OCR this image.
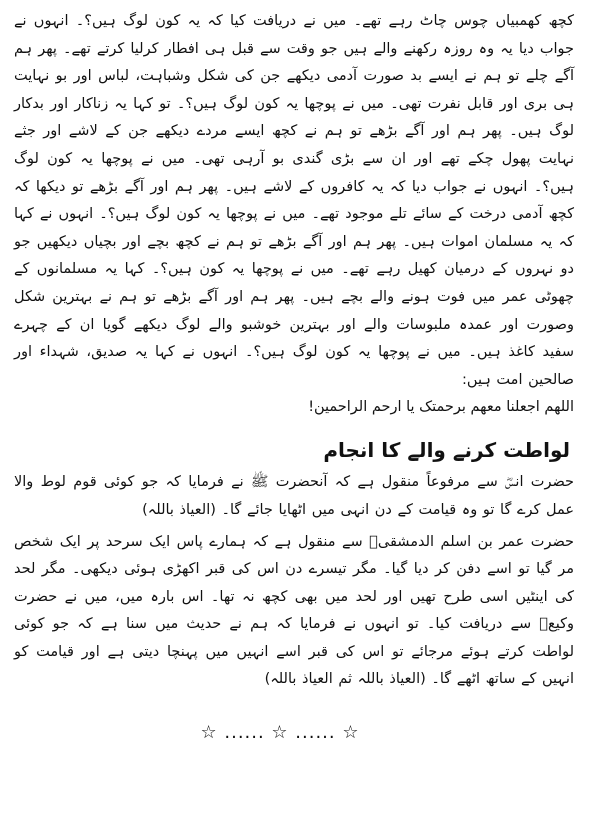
کچھ کھمبیاں چوس چاٹ رہے تھے۔ میں نے دریافت کیا کہ یہ کون لوگ ہیں؟۔ انہوں نے جواب دیا یہ وہ روزہ رکھنے والے ہیں جو وقت سے قبل ہی افطار کرلیا کرتے تھے۔ پھر ہم آگے چلے تو ہم نے ایسے بد صورت آدمی دیکھے جن کی شکل وشباہت، لباس اور بو نہایت ہی بری اور قابل نفرت تھی۔ میں نے پوچھا یہ کون لوگ ہیں؟۔ تو کہا یہ زناکار اور بدکار لوگ ہیں۔ پھر ہم اور آگے بڑھے تو ہم نے کچھ ایسے مردے دیکھے جن کے لاشے اور جثے نہایت پھول چکے تھے اور ان سے بڑی گندی بو آرہی تھی۔ میں نے پوچھا یہ کون لوگ ہیں؟۔ انہوں نے جواب دیا کہ یہ کافروں کے لاشے ہیں۔ پھر ہم اور آگے بڑھے تو دیکھا کہ کچھ آدمی درخت کے سائے تلے موجود تھے۔ میں نے پوچھا یہ کون لوگ ہیں؟۔ انہوں نے کہا کہ یہ مسلمان اموات ہیں۔ پھر ہم اور آگے بڑھے تو ہم نے کچھ بچے اور بچیاں دیکھیں جو دو نہروں کے درمیان کھیل رہے تھے۔ میں نے پوچھا یہ کون ہیں؟۔ کہا یہ مسلمانوں کے چھوٹی عمر میں فوت ہونے والے بچے ہیں۔ پھر ہم اور آگے بڑھے تو ہم نے بہترین شکل وصورت اور عمدہ ملبوسات والے اور بہترین خوشبو والے لوگ دیکھے گویا ان کے چہرے سفید کاغذ ہیں۔ میں نے پوچھا یہ کون لوگ ہیں؟۔ انہوں نے کہا یہ صدیق، شہداء اور صالحین امت ہیں:

اللھم اجعلنا معھم برحمتک یا ارحم الراحمین!

لواطت کرنے والے کا انجام

حضرت انسؓ سے مرفوعاً منقول ہے کہ آنحضرت ﷺ نے فرمایا کہ جو کوئی قوم لوط والا عمل کرے گا تو وہ قیامت کے دن انہی میں اٹھایا جائے گا۔ (العیاذ باللہ)

حضرت عمر بن اسلم الدمشقیؒ سے منقول ہے کہ ہمارے پاس ایک سرحد پر ایک شخص مر گیا تو اسے دفن کر دیا گیا۔ مگر تیسرے دن اس کی قبر اکھڑی ہوئی دیکھی۔ مگر لحد کی اینٹیں اسی طرح تھیں اور لحد میں بھی کچھ نہ تھا۔ اس بارہ میں، میں نے حضرت وکیعؒ سے دریافت کیا۔ تو انہوں نے فرمایا کہ ہم نے حدیث میں سنا ہے کہ جو کوئی لواطت کرتے ہوئے مرجائے تو اس کی قبر اسے انہیں میں پہنچا دیتی ہے اور قیامت کو انہیں کے ساتھ اٹھے گا۔ (العیاذ باللہ ثم العیاذ باللہ)

☆ ...... ☆ ...... ☆
